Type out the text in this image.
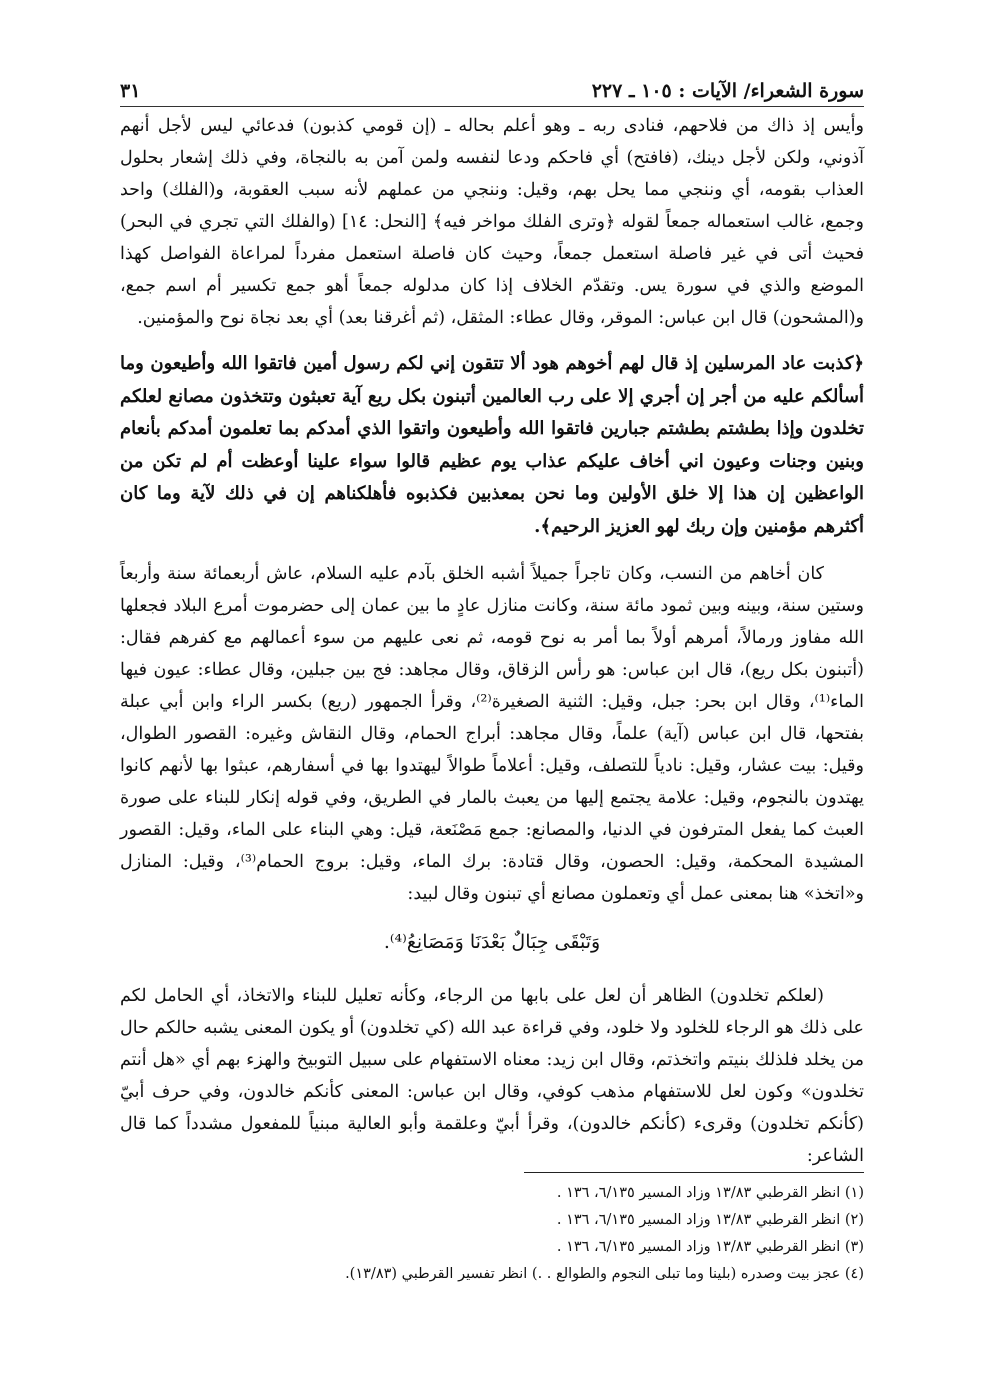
سورة الشعراء/ الآيات : ١٠٥ ـ ٢٢٧
٣١

وأيس إذ ذاك من فلاحهم، فنادى ربه ـ وهو أعلم بحاله ـ (إن قومي كذبون) فدعائي ليس لأجل أنهم آذوني، ولكن لأجل دينك، (فافتح) أي فاحكم ودعا لنفسه ولمن آمن به بالنجاة، وفي ذلك إشعار بحلول العذاب بقومه، أي وننجي مما يحل بهم، وقيل: وننجي من عملهم لأنه سبب العقوبة، و(الفلك) واحد وجمع، غالب استعماله جمعاً لقوله ﴿وترى الفلك مواخر فيه﴾ [النحل: ١٤] (والفلك التي تجري في البحر) فحيث أتى في غير فاصلة استعمل جمعاً، وحيث كان فاصلة استعمل مفرداً لمراعاة الفواصل كهذا الموضع والذي في سورة يس. وتقدّم الخلاف إذا كان مدلوله جمعاً أهو جمع تكسير أم اسم جمع، و(المشحون) قال ابن عباس: الموقر، وقال عطاء: المثقل، (ثم أغرقنا بعد) أي بعد نجاة نوح والمؤمنين.

﴿كذبت عاد المرسلين إذ قال لهم أخوهم هود ألا تتقون إني لكم رسول أمين فاتقوا الله وأطيعون وما أسألكم عليه من أجر إن أجري إلا على رب العالمين أتبنون بكل ريع آية تعبثون وتتخذون مصانع لعلكم تخلدون وإذا بطشتم بطشتم جبارين فاتقوا الله وأطيعون واتقوا الذي أمدكم بما تعلمون أمدكم بأنعام وبنين وجنات وعيون اني أخاف عليكم عذاب يوم عظيم قالوا سواء علينا أوعظت أم لم تكن من الواعظين إن هذا إلا خلق الأولين وما نحن بمعذبين فكذبوه فأهلكناهم إن في ذلك لآية وما كان أكثرهم مؤمنين وإن ربك لهو العزيز الرحيم﴾.

كان أخاهم من النسب، وكان تاجراً جميلاً أشبه الخلق بآدم عليه السلام، عاش أربعمائة سنة وأربعاً وستين سنة، وبينه وبين ثمود مائة سنة، وكانت منازل عادٍ ما بين عمان إلى حضرموت أمرع البلاد فجعلها الله مفاوز ورمالاً، أمرهم أولاً بما أمر به نوح قومه، ثم نعى عليهم من سوء أعمالهم مع كفرهم فقال: (أتبنون بكل ريع)، قال ابن عباس: هو رأس الزقاق، وقال مجاهد: فج بين جبلين، وقال عطاء: عيون فيها الماء⁽¹⁾، وقال ابن بحر: جبل، وقيل: الثنية الصغيرة⁽²⁾، وقرأ الجمهور (ريع) بكسر الراء وابن أبي عبلة بفتحها، قال ابن عباس (آية) علماً، وقال مجاهد: أبراج الحمام، وقال النقاش وغيره: القصور الطوال، وقيل: بيت عشار، وقيل: نادياً للتصلف، وقيل: أعلاماً طوالاً ليهتدوا بها في أسفارهم، عبثوا بها لأنهم كانوا يهتدون بالنجوم، وقيل: علامة يجتمع إليها من يعبث بالمار في الطريق، وفي قوله إنكار للبناء على صورة العبث كما يفعل المترفون في الدنيا، والمصانع: جمع مَصْنَعة، قيل: وهي البناء على الماء، وقيل: القصور المشيدة المحكمة، وقيل: الحصون، وقال قتادة: برك الماء، وقيل: بروج الحمام⁽³⁾، وقيل: المنازل و«اتخذ» هنا بمعنى عمل أي وتعملون مصانع أي تبنون وقال لبيد:

وَتَبْقَى جِبَالٌ بَعْدَنَا وَمَصَانِعُ⁽⁴⁾.

(لعلكم تخلدون) الظاهر أن لعل على بابها من الرجاء، وكأنه تعليل للبناء والاتخاذ، أي الحامل لكم على ذلك هو الرجاء للخلود ولا خلود، وفي قراءة عبد الله (كي تخلدون) أو يكون المعنى يشبه حالكم حال من يخلد فلذلك بنيتم واتخذتم، وقال ابن زيد: معناه الاستفهام على سبيل التوبيخ والهزء بهم أي «هل أنتم تخلدون» وكون لعل للاستفهام مذهب كوفي، وقال ابن عباس: المعنى كأنكم خالدون، وفي حرف أبيّ (كأنكم تخلدون) وقرىء (كأنكم خالدون)، وقرأ أبيّ وعلقمة وأبو العالية مبنياً للمفعول مشدداً كما قال الشاعر:

(١) انظر القرطبي ١٣/٨٣ وزاد المسير ٦/١٣٥، ١٣٦ .

(٢) انظر القرطبي ١٣/٨٣ وزاد المسير ٦/١٣٥، ١٣٦ .

(٣) انظر القرطبي ١٣/٨٣ وزاد المسير ٦/١٣٥، ١٣٦ .

(٤) عجز بيت وصدره (بلينا وما تبلى النجوم والطوالع . .) انظر تفسير القرطبي (١٣/٨٣).
